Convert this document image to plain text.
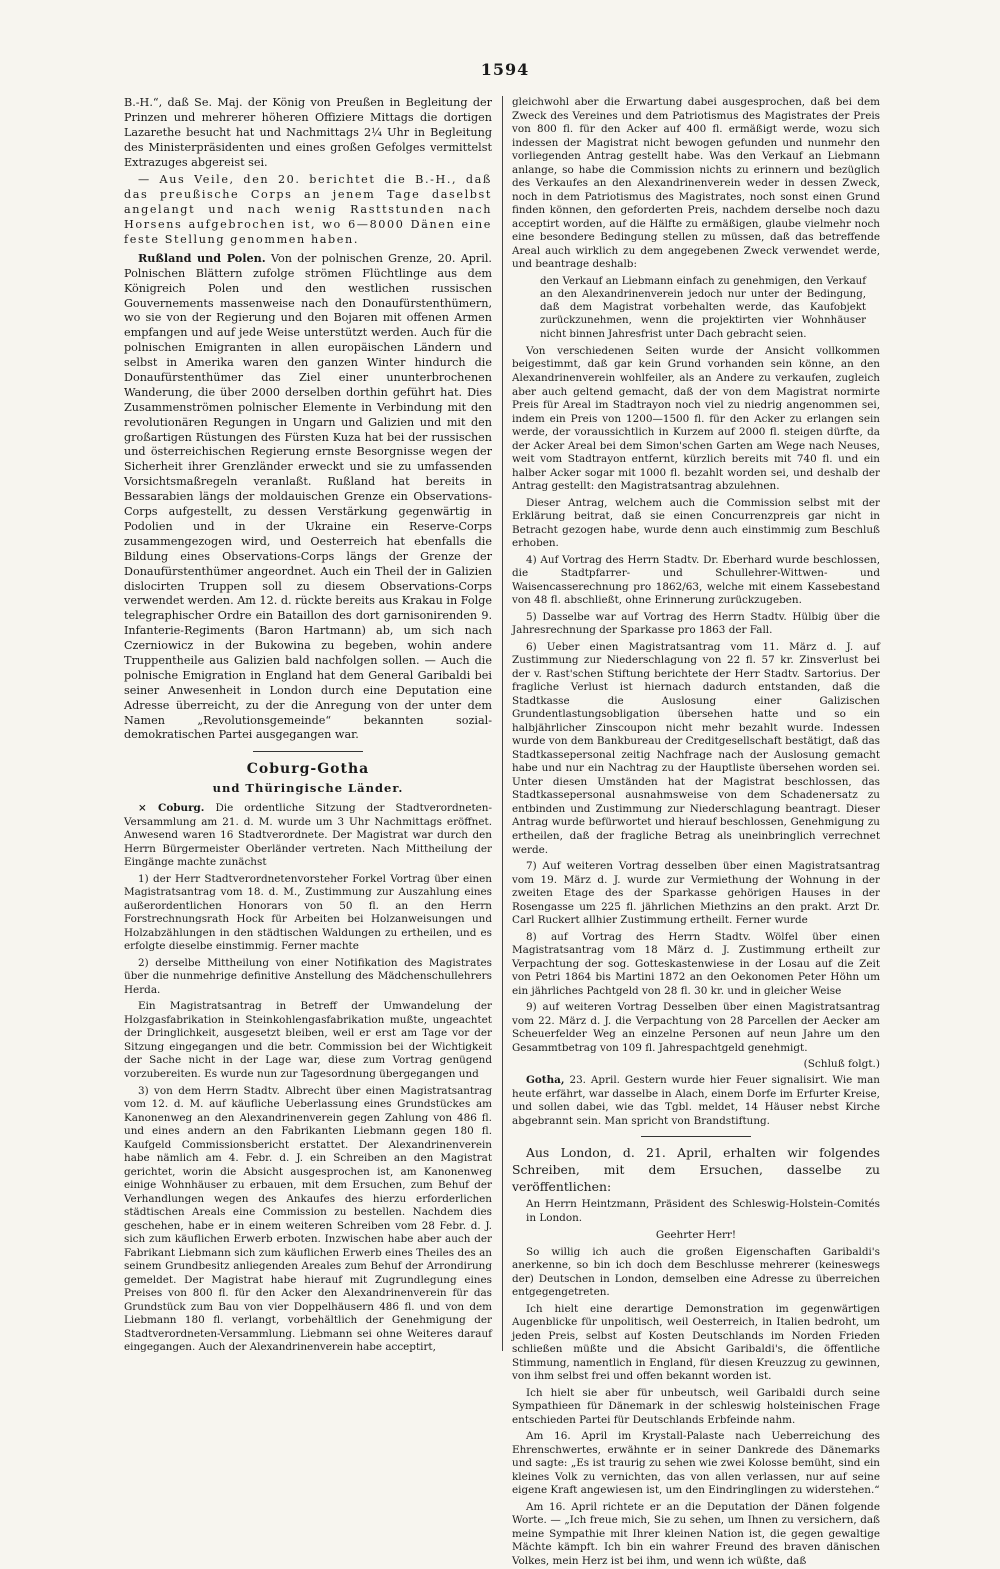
1594

B.-H.“, daß Se. Maj. der König von Preußen in Begleitung der Prinzen und mehrerer höheren Offiziere Mittags die dortigen Lazarethe besucht hat und Nachmittags 2¼ Uhr in Begleitung des Ministerpräsidenten und eines großen Gefolges vermittelst Extrazuges abgereist sei.

— Aus Veile, den 20. berichtet die B.-H., daß das preußische Corps an jenem Tage daselbst angelangt und nach wenig Rasttstunden nach Horsens aufgebrochen ist, wo 6—8000 Dänen eine feste Stellung genommen haben.

Rußland und Polen. Von der polnischen Grenze, 20. April. Polnischen Blättern zufolge strömen Flüchtlinge aus dem Königreich Polen und den westlichen russischen Gouvernements massenweise nach den Donaufürstenthümern, wo sie von der Regierung und den Bojaren mit offenen Armen empfangen und auf jede Weise unterstützt werden. Auch für die polnischen Emigranten in allen europäischen Ländern und selbst in Amerika waren den ganzen Winter hindurch die Donaufürstenthümer das Ziel einer ununterbrochenen Wanderung, die über 2000 derselben dorthin geführt hat. Dies Zusammenströmen polnischer Elemente in Verbindung mit den revolutionären Regungen in Ungarn und Galizien und mit den großartigen Rüstungen des Fürsten Kuza hat bei der russischen und österreichischen Regierung ernste Besorgnisse wegen der Sicherheit ihrer Grenzländer erweckt und sie zu umfassenden Vorsichtsmaßregeln veranlaßt. Rußland hat bereits in Bessarabien längs der moldauischen Grenze ein Observations-Corps aufgestellt, zu dessen Verstärkung gegenwärtig in Podolien und in der Ukraine ein Reserve-Corps zusammengezogen wird, und Oesterreich hat ebenfalls die Bildung eines Observations-Corps längs der Grenze der Donaufürstenthümer angeordnet. Auch ein Theil der in Galizien dislocirten Truppen soll zu diesem Observations-Corps verwendet werden. Am 12. d. rückte bereits aus Krakau in Folge telegraphischer Ordre ein Bataillon des dort garnisonirenden 9. Infanterie-Regiments (Baron Hartmann) ab, um sich nach Czerniowicz in der Bukowina zu begeben, wohin andere Truppentheile aus Galizien bald nachfolgen sollen. — Auch die polnische Emigration in England hat dem General Garibaldi bei seiner Anwesenheit in London durch eine Deputation eine Adresse überreicht, zu der die Anregung von der unter dem Namen „Revolutionsgemeinde“ bekannten sozial-demokratischen Partei ausgegangen war.

Coburg-Gotha
und Thüringische Länder.

× Coburg. Die ordentliche Sitzung der Stadtverordneten-Versammlung am 21. d. M. wurde um 3 Uhr Nachmittags eröffnet. Anwesend waren 16 Stadtverordnete. Der Magistrat war durch den Herrn Bürgermeister Oberländer vertreten. Nach Mittheilung der Eingänge machte zunächst

1) der Herr Stadtverordnetenvorsteher Forkel Vortrag über einen Magistratsantrag vom 18. d. M., Zustimmung zur Auszahlung eines außerordentlichen Honorars von 50 fl. an den Herrn Forstrechnungsrath Hock für Arbeiten bei Holzanweisungen und Holzabzählungen in den städtischen Waldungen zu ertheilen, und es erfolgte dieselbe einstimmig. Ferner machte

2) derselbe Mittheilung von einer Notifikation des Magistrates über die nunmehrige definitive Anstellung des Mädchenschullehrers Herda.

Ein Magistratsantrag in Betreff der Umwandelung der Holzgasfabrikation in Steinkohlengasfabrikation mußte, ungeachtet der Dringlichkeit, ausgesetzt bleiben, weil er erst am Tage vor der Sitzung eingegangen und die betr. Commission bei der Wichtigkeit der Sache nicht in der Lage war, diese zum Vortrag genügend vorzubereiten. Es wurde nun zur Tagesordnung übergegangen und

3) von dem Herrn Stadtv. Albrecht über einen Magistratsantrag vom 12. d. M. auf käufliche Ueberlassung eines Grundstückes am Kanonenweg an den Alexandrinenverein gegen Zahlung von 486 fl. und eines andern an den Fabrikanten Liebmann gegen 180 fl. Kaufgeld Commissionsbericht erstattet. Der Alexandrinenverein habe nämlich am 4. Febr. d. J. ein Schreiben an den Magistrat gerichtet, worin die Absicht ausgesprochen ist, am Kanonenweg einige Wohnhäuser zu erbauen, mit dem Ersuchen, zum Behuf der Verhandlungen wegen des Ankaufes des hierzu erforderlichen städtischen Areals eine Commission zu bestellen. Nachdem dies geschehen, habe er in einem weiteren Schreiben vom 28 Febr. d. J. sich zum käuflichen Erwerb erboten. Inzwischen habe aber auch der Fabrikant Liebmann sich zum käuflichen Erwerb eines Theiles des an seinem Grundbesitz anliegenden Areales zum Behuf der Arrondirung gemeldet. Der Magistrat habe hierauf mit Zugrundlegung eines Preises von 800 fl. für den Acker den Alexandrinenverein für das Grundstück zum Bau von vier Doppelhäusern 486 fl. und von dem Liebmann 180 fl. verlangt, vorbehältlich der Genehmigung der Stadtverordneten-Versammlung. Liebmann sei ohne Weiteres darauf eingegangen. Auch der Alexandrinenverein habe acceptirt,

gleichwohl aber die Erwartung dabei ausgesprochen, daß bei dem Zweck des Vereines und dem Patriotismus des Magistrates der Preis von 800 fl. für den Acker auf 400 fl. ermäßigt werde, wozu sich indessen der Magistrat nicht bewogen gefunden und nunmehr den vorliegenden Antrag gestellt habe. Was den Verkauf an Liebmann anlange, so habe die Commission nichts zu erinnern und bezüglich des Verkaufes an den Alexandrinenverein weder in dessen Zweck, noch in dem Patriotismus des Magistrates, noch sonst einen Grund finden können, den geforderten Preis, nachdem derselbe noch dazu acceptirt worden, auf die Hälfte zu ermäßigen, glaube vielmehr noch eine besondere Bedingung stellen zu müssen, daß das betreffende Areal auch wirklich zu dem angegebenen Zweck verwendet werde, und beantrage deshalb:

den Verkauf an Liebmann einfach zu genehmigen, den Verkauf an den Alexandrinenverein jedoch nur unter der Bedingung, daß dem Magistrat vorbehalten werde, das Kaufobjekt zurückzunehmen, wenn die projektirten vier Wohnhäuser nicht binnen Jahresfrist unter Dach gebracht seien.

Von verschiedenen Seiten wurde der Ansicht vollkommen beigestimmt, daß gar kein Grund vorhanden sein könne, an den Alexandrinenverein wohlfeiler, als an Andere zu verkaufen, zugleich aber auch geltend gemacht, daß der von dem Magistrat normirte Preis für Areal im Stadtrayon noch viel zu niedrig angenommen sei, indem ein Preis von 1200—1500 fl. für den Acker zu erlangen sein werde, der voraussichtlich in Kurzem auf 2000 fl. steigen dürfte, da der Acker Areal bei dem Simon'schen Garten am Wege nach Neuses, weit vom Stadtrayon entfernt, kürzlich bereits mit 740 fl. und ein halber Acker sogar mit 1000 fl. bezahlt worden sei, und deshalb der Antrag gestellt: den Magistratsantrag abzulehnen.

Dieser Antrag, welchem auch die Commission selbst mit der Erklärung beitrat, daß sie einen Concurrenzpreis gar nicht in Betracht gezogen habe, wurde denn auch einstimmig zum Beschluß erhoben.

4) Auf Vortrag des Herrn Stadtv. Dr. Eberhard wurde beschlossen, die Stadtpfarrer- und Schullehrer-Wittwen- und Waisencasserechnung pro 1862/63, welche mit einem Kassebestand von 48 fl. abschließt, ohne Erinnerung zurückzugeben.

5) Dasselbe war auf Vortrag des Herrn Stadtv. Hülbig über die Jahresrechnung der Sparkasse pro 1863 der Fall.

6) Ueber einen Magistratsantrag vom 11. März d. J. auf Zustimmung zur Niederschlagung von 22 fl. 57 kr. Zinsverlust bei der v. Rast'schen Stiftung berichtete der Herr Stadtv. Sartorius. Der fragliche Verlust ist hiernach dadurch entstanden, daß die Stadtkasse die Auslosung einer Galizischen Grundentlastungsobligation übersehen hatte und so ein halbjährlicher Zinscoupon nicht mehr bezahlt wurde. Indessen wurde von dem Bankbureau der Creditgesellschaft bestätigt, daß das Stadtkassepersonal zeitig Nachfrage nach der Auslosung gemacht habe und nur ein Nachtrag zu der Hauptliste übersehen worden sei. Unter diesen Umständen hat der Magistrat beschlossen, das Stadtkassepersonal ausnahmsweise von dem Schadenersatz zu entbinden und Zustimmung zur Niederschlagung beantragt. Dieser Antrag wurde befürwortet und hierauf beschlossen, Genehmigung zu ertheilen, daß der fragliche Betrag als uneinbringlich verrechnet werde.

7) Auf weiteren Vortrag desselben über einen Magistratsantrag vom 19. März d. J. wurde zur Vermiethung der Wohnung in der zweiten Etage des der Sparkasse gehörigen Hauses in der Rosengasse um 225 fl. jährlichen Miethzins an den prakt. Arzt Dr. Carl Ruckert allhier Zustimmung ertheilt. Ferner wurde

8) auf Vortrag des Herrn Stadtv. Wölfel über einen Magistratsantrag vom 18 März d. J. Zustimmung ertheilt zur Verpachtung der sog. Gotteskastenwiese in der Losau auf die Zeit von Petri 1864 bis Martini 1872 an den Oekonomen Peter Höhn um ein jährliches Pachtgeld von 28 fl. 30 kr. und in gleicher Weise

9) auf weiteren Vortrag Desselben über einen Magistratsantrag vom 22. März d. J. die Verpachtung von 28 Parcellen der Aecker am Scheuerfelder Weg an einzelne Personen auf neun Jahre um den Gesammtbetrag von 109 fl. Jahrespachtgeld genehmigt.

(Schluß folgt.)

Gotha, 23. April. Gestern wurde hier Feuer signalisirt. Wie man heute erfährt, war dasselbe in Alach, einem Dorfe im Erfurter Kreise, und sollen dabei, wie das Tgbl. meldet, 14 Häuser nebst Kirche abgebrannt sein. Man spricht von Brandstiftung.

Aus London, d. 21. April, erhalten wir folgendes Schreiben, mit dem Ersuchen, dasselbe zu veröffentlichen:

An Herrn Heintzmann, Präsident des Schleswig-Holstein-Comités in London.

Geehrter Herr!

So willig ich auch die großen Eigenschaften Garibaldi's anerkenne, so bin ich doch dem Beschlusse mehrerer (keineswegs der) Deutschen in London, demselben eine Adresse zu überreichen entgegengetreten.

Ich hielt eine derartige Demonstration im gegenwärtigen Augenblicke für unpolitisch, weil Oesterreich, in Italien bedroht, um jeden Preis, selbst auf Kosten Deutschlands im Norden Frieden schließen müßte und die Absicht Garibaldi's, die öffentliche Stimmung, namentlich in England, für diesen Kreuzzug zu gewinnen, von ihm selbst frei und offen bekannt worden ist.

Ich hielt sie aber für unbeutsch, weil Garibaldi durch seine Sympathieen für Dänemark in der schleswig holsteinischen Frage entschieden Partei für Deutschlands Erbfeinde nahm.

Am 16. April im Krystall-Palaste nach Ueberreichung des Ehrenschwertes, erwähnte er in seiner Dankrede des Dänemarks und sagte: „Es ist traurig zu sehen wie zwei Kolosse bemüht, sind ein kleines Volk zu vernichten, das von allen verlassen, nur auf seine eigene Kraft angewiesen ist, um den Eindringlingen zu widerstehen.“

Am 16. April richtete er an die Deputation der Dänen folgende Worte. — „Ich freue mich, Sie zu sehen, um Ihnen zu versichern, daß meine Sympathie mit Ihrer kleinen Nation ist, die gegen gewaltige Mächte kämpft. Ich bin ein wahrer Freund des braven dänischen Volkes, mein Herz ist bei ihm, und wenn ich wüßte, daß
